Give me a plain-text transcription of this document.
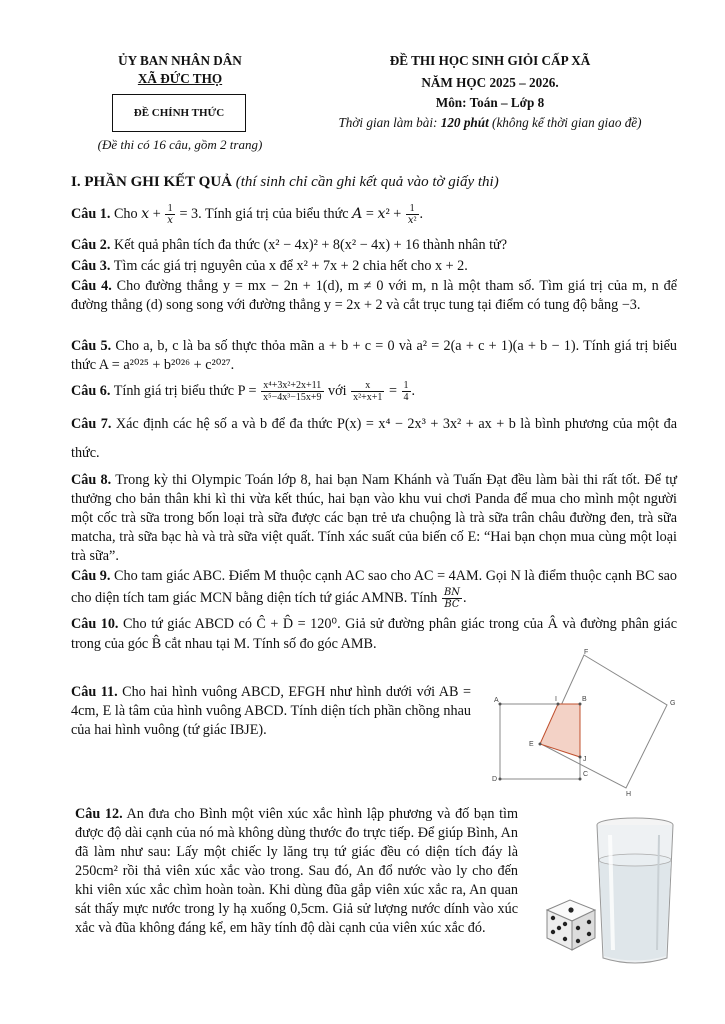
ỦY BAN NHÂN DÂN
XÃ ĐỨC THỌ
ĐỀ CHÍNH THỨC
(Đề thi có 16 câu, gồm 2 trang)
ĐỀ THI HỌC SINH GIỎI CẤP XÃ
NĂM HỌC 2025 – 2026.
Môn: Toán – Lớp 8
Thời gian làm bài: 120 phút (không kể thời gian giao đề)
I. PHẦN GHI KẾT QUẢ (thí sinh chỉ cần ghi kết quả vào tờ giấy thi)
Câu 1. Cho $x + \frac{1}{x} = 3$. Tính giá trị của biểu thức $A = x^2 + \frac{1}{\text{x²}}$ .
Câu 2. Kết quả phân tích đa thức (x² − 4x)² + 8(x² − 4x) + 16 thành nhân tử?
Câu 3. Tìm các giá trị nguyên của x để x² + 7x + 2 chia hết cho x + 2.
Câu 4. Cho đường thẳng y = mx − 2n + 1(d), m ≠ 0 với m, n là một tham số. Tìm giá trị của m, n để đường thẳng (d) song song với đường thẳng y = 2x + 2 và cắt trục tung tại điểm có tung độ bằng −3.
Câu 5. Cho a, b, c là ba số thực thỏa mãn a + b + c = 0 và a² = 2(a + c + 1)(a + b − 1). Tính giá trị biểu thức A = a²⁰²⁵ + b²⁰²⁶ + c²⁰²⁷.
Câu 6. Tính giá trị biểu thức $P = \frac{\text{x⁴+3x²+2x+11}}{\text{x⁵−4x³−15x+9}}$ với $\frac{x}{\text{x²+x+1}} = \frac{1}{4}$ .
Câu 7. Xác định các hệ số a và b để đa thức P(x) = x⁴ − 2x³ + 3x² + ax + b là bình phương của một đa thức.
Câu 8. Trong kỳ thi Olympic Toán lớp 8, hai bạn Nam Khánh và Tuấn Đạt đều làm bài thi rất tốt. Để tự thưởng cho bản thân khi kì thi vừa kết thúc, hai bạn vào khu vui chơi Panda để mua cho mình một người một cốc trà sữa trong bốn loại trà sữa được các bạn trẻ ưa chuộng là trà sữa trân châu đường đen, trà sữa matcha, trà sữa bạc hà và trà sữa việt quất. Tính xác suất của biến cố E: “Hai bạn chọn mua cùng một loại trà sữa”.
Câu 9. Cho tam giác ABC. Điểm M thuộc cạnh AC sao cho AC = 4AM. Gọi N là điểm thuộc cạnh BC sao cho diện tích tam giác MCN bằng diện tích tứ giác AMNB. Tính $\frac{BN}{BC}$ .
Câu 10. Cho tứ giác ABCD có Ĉ + D̂ = 120⁰. Giả sử đường phân giác trong của Â và đường phân giác trong của góc B̂ cắt nhau tại M. Tính số đo góc AMB.
Câu 11. Cho hai hình vuông ABCD, EFGH như hình dưới với AB = 4cm, E là tâm của hình vuông ABCD. Tính diện tích phần chồng nhau của hai hình vuông (tứ giác IBJE).
A	B
C
D
E
F
G
H
I
J
Câu 12. An đưa cho Bình một viên xúc xắc hình lập phương và đố bạn tìm được độ dài cạnh của nó mà không dùng thước đo trực tiếp. Để giúp Bình, An đã làm như sau: Lấy một chiếc ly lăng trụ tứ giác đều có diện tích đáy là 250cm² rồi thả viên xúc xắc vào trong. Sau đó, An đổ nước vào ly cho đến khi viên xúc xắc chìm hoàn toàn. Khi dùng đũa gắp viên xúc xắc ra, An quan sát thấy mực nước trong ly hạ xuống 0,5cm. Giả sử lượng nước dính vào xúc xắc và đũa không đáng kể, em hãy tính độ dài cạnh của viên xúc xắc đó.
